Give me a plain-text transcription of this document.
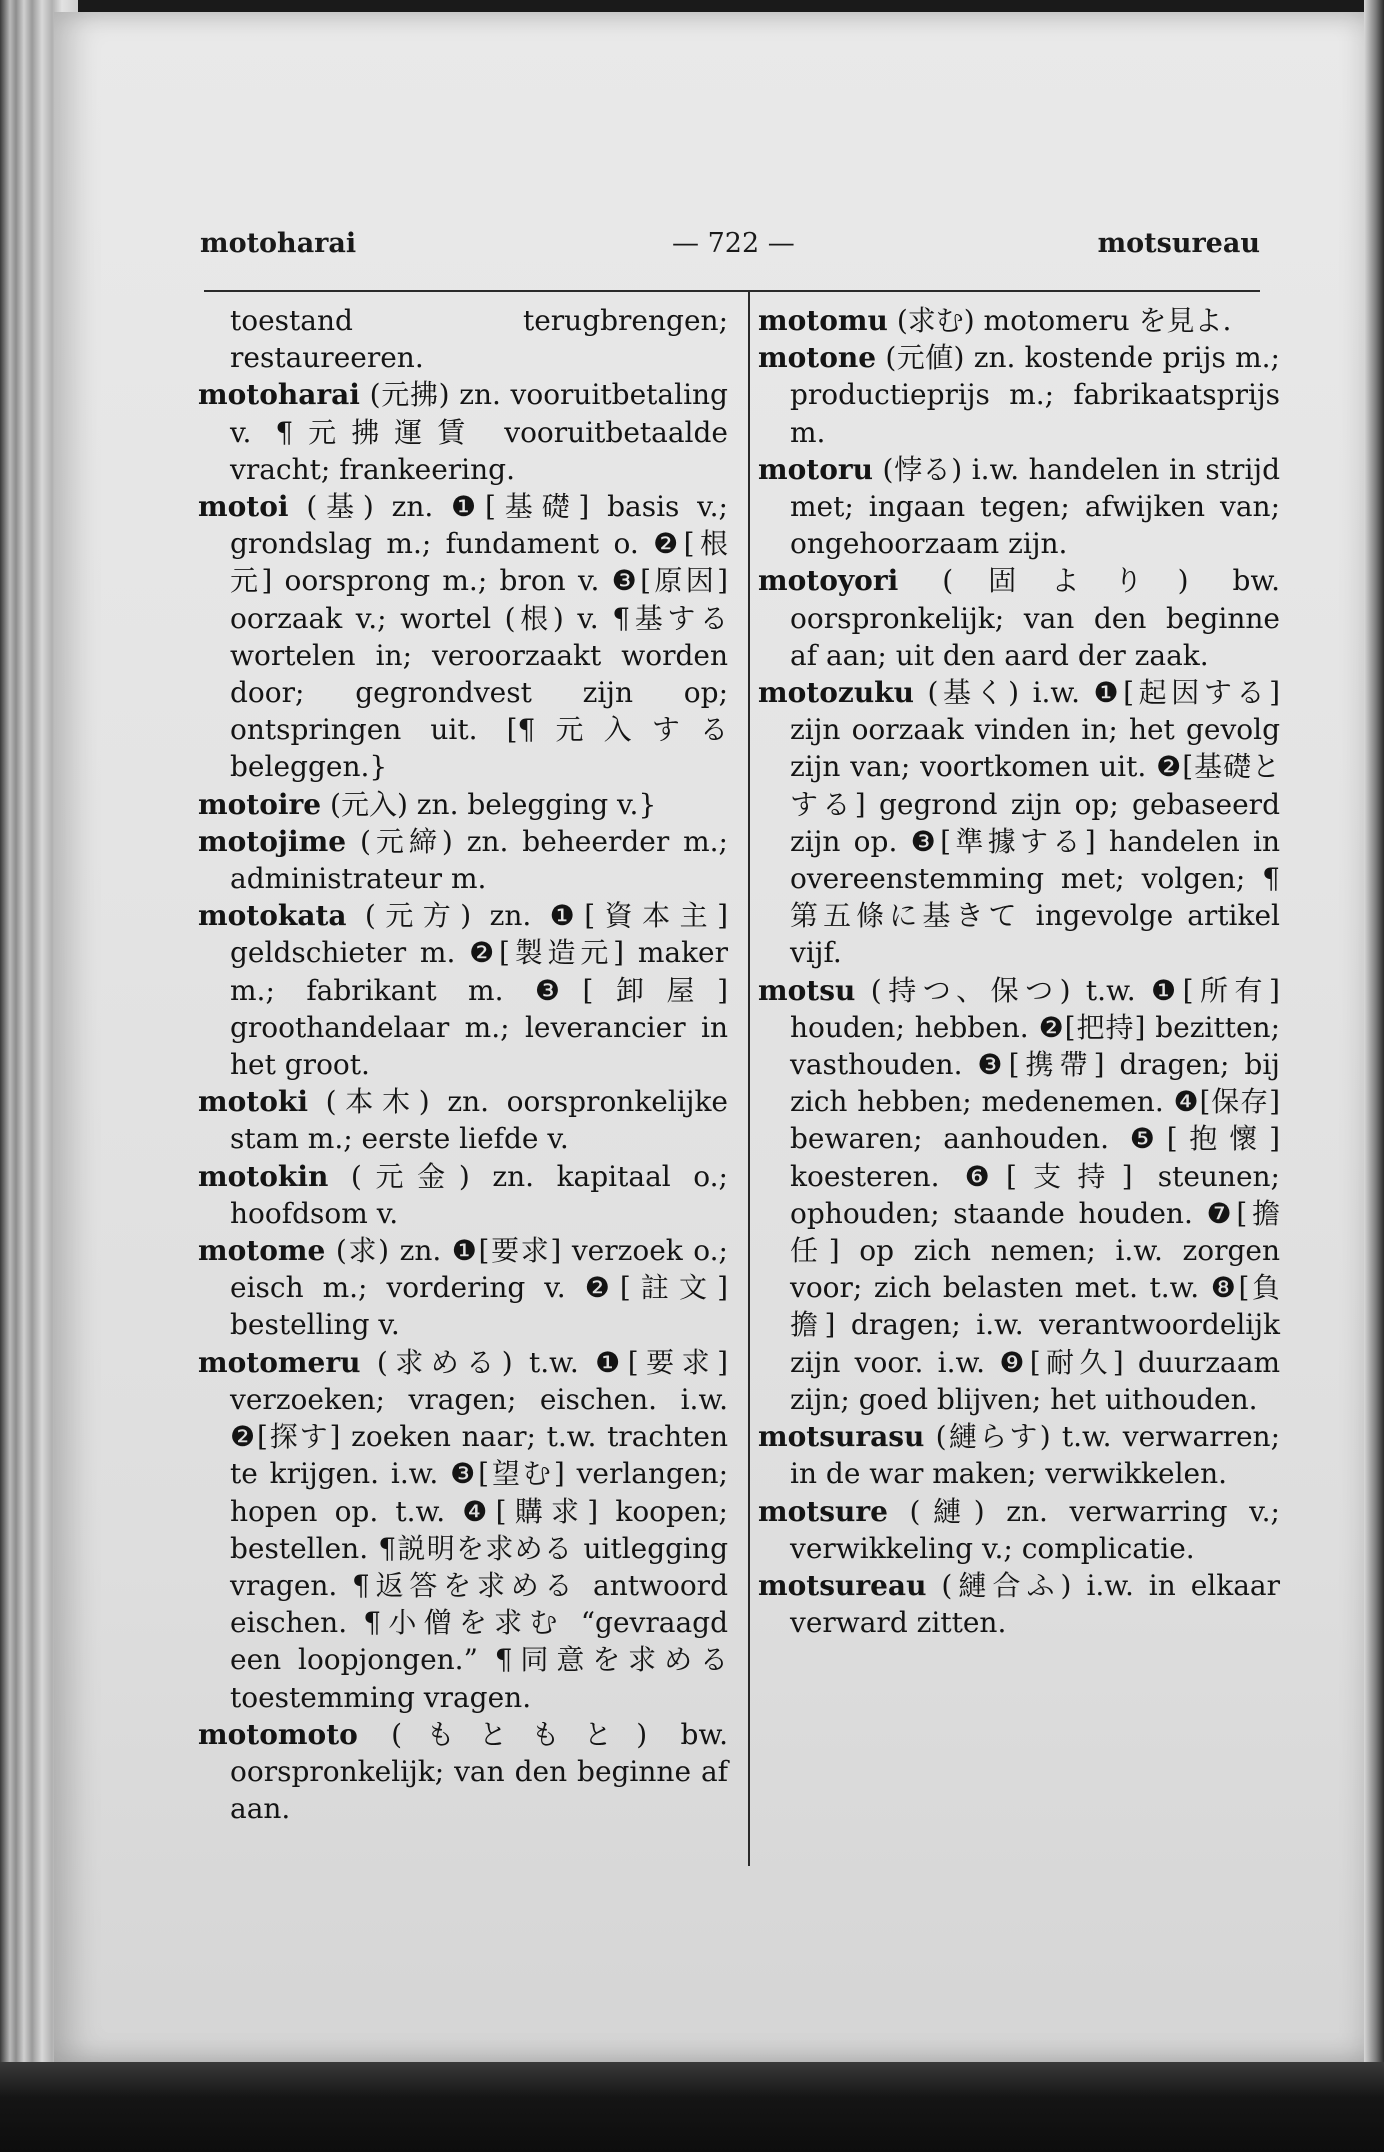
motoharai	— 722 —	motsureau

toestand terugbrengen; restaureeren.

motoharai (元拂) zn. vooruitbetaling v. ¶元拂運賃 vooruitbetaalde vracht; frankeering.

motoi (基) zn. ❶[基礎] basis v.; grondslag m.; fundament o. ❷[根元] oorsprong m.; bron v. ❸[原因] oorzaak v.; wortel (根) v. ¶基する wortelen in; veroorzaakt worden door; gegrondvest zijn op; ontspringen uit. [¶元入する beleggen.}

motoire (元入) zn. belegging v.}

motojime (元締) zn. beheerder m.; administrateur m.

motokata (元方) zn. ❶[資本主] geldschieter m. ❷[製造元] maker m.; fabrikant m. ❸[卸屋] groothandelaar m.; leverancier in het groot.

motoki (本木) zn. oorspronkelijke stam m.; eerste liefde v.

motokin (元金) zn. kapitaal o.; hoofdsom v.

motome (求) zn. ❶[要求] verzoek o.; eisch m.; vordering v. ❷[註文] bestelling v.

motomeru (求める) t.w. ❶[要求] verzoeken; vragen; eischen. i.w. ❷[探す] zoeken naar; t.w. trachten te krijgen. i.w. ❸[望む] verlangen; hopen op. t.w. ❹[購求] koopen; bestellen. ¶説明を求める uitlegging vragen. ¶返答を求める antwoord eischen. ¶小僧を求む “gevraagd een loopjongen.” ¶同意を求める toestemming vragen.

motomoto (もともと) bw. oorspronkelijk; van den beginne af aan.

motomu (求む) motomeru を見よ.

motone (元値) zn. kostende prijs m.; productieprijs m.; fabrikaatsprijs m.

motoru (悖る) i.w. handelen in strijd met; ingaan tegen; afwijken van; ongehoorzaam zijn.

motoyori (固より) bw. oorspronkelijk; van den beginne af aan; uit den aard der zaak.

motozuku (基く) i.w. ❶[起因する] zijn oorzaak vinden in; het gevolg zijn van; voortkomen uit. ❷[基礎とする] gegrond zijn op; gebaseerd zijn op. ❸[準據する] handelen in overeenstemming met; volgen; ¶第五條に基きて ingevolge artikel vijf.

motsu (持つ、保つ) t.w. ❶[所有] houden; hebben. ❷[把持] bezitten; vasthouden. ❸[携帶] dragen; bij zich hebben; medenemen. ❹[保存] bewaren; aanhouden. ❺[抱懷] koesteren. ❻[支持] steunen; ophouden; staande houden. ❼[擔任] op zich nemen; i.w. zorgen voor; zich belasten met. t.w. ❽[負擔] dragen; i.w. verantwoordelijk zijn voor. i.w. ❾[耐久] duurzaam zijn; goed blijven; het uithouden.

motsurasu (縺らす) t.w. verwarren; in de war maken; verwikkelen.

motsure (縺) zn. verwarring v.; verwikkeling v.; complicatie.

motsureau (縺合ふ) i.w. in elkaar verward zitten.
